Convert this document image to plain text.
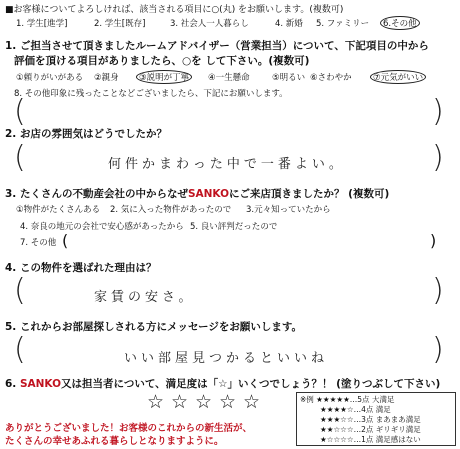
■お客様についてよろしければ、該当される項目に○(丸) をお願いします。(複数可)
1. 学生[進学]	2. 学生[既存]	3. 社会人一人暮らし	4. 新婚 5. ファミリー	6.その他
1. ご担当させて頂きましたルームアドバイザー（営業担当）について、下記項目の中から
評価を頂ける項目がありましたら、○を して下さい。(複数可)
①頼りがいがある ②親身	③説明が丁寧	④一生懸命	⑤明るい ⑥さわやか	⑦元気がいい
8. その他印象に残ったことなどございましたら、下記にお願いします。
(	)
2. お店の雰囲気はどうでしたか？
(	何件かまわった中で一番よい。	)
3. たくさんの不動産会社の中からなぜSANKOにご来店頂きましたか？ (複数可)
①物件がたくさんある 2. 気に入った物件があったので 3.元々知っていたから
4. 奈良の地元の会社で安心感があったから 5. 良い評判だったので
7. その他 (	)
4. この物件を選ばれた理由は？
(	家賃の安さ。	)
5. これからお部屋探しされる方にメッセージをお願いします。
(	いい部屋見つかるといいね	)
6. SANKO又は担当者について、満足度は「☆」いくつでしょう？！ (塗りつぶして下さい)
☆ ☆ ☆ ☆ ☆	※例 ★★★★★…5点 大満足
★★★★☆…4点 満足
★★★☆☆…3点 まあまあ満足
★★☆☆☆…2点 ギリギリ満足
★☆☆☆☆…1点 満足感はない
ありがとうございました！お客様のこれからの新生活が、
たくさんの幸せあふれる暮らしとなりますように。
